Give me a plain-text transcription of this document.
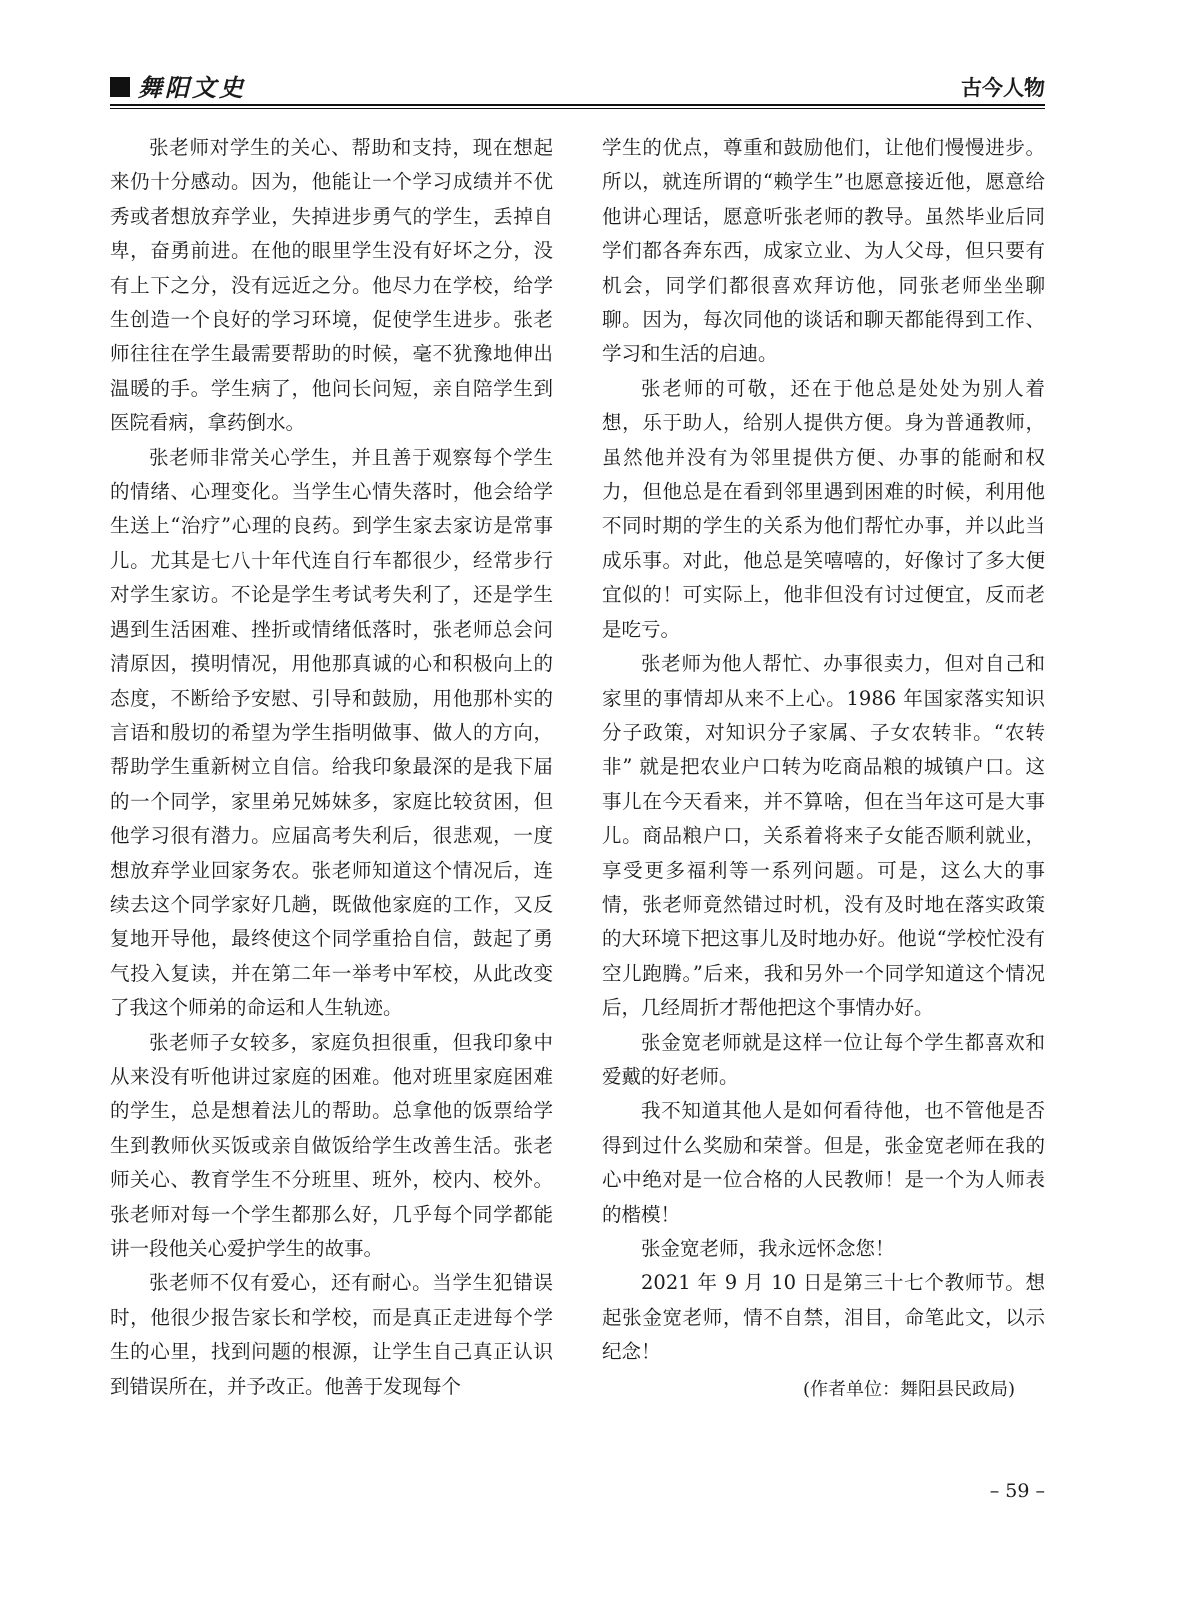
舞阳文史	古今人物

张老师对学生的关心、帮助和支持，现在想起来仍十分感动。因为，他能让一个学习成绩并不优秀或者想放弃学业，失掉进步勇气的学生，丢掉自卑，奋勇前进。在他的眼里学生没有好坏之分，没有上下之分，没有远近之分。他尽力在学校，给学生创造一个良好的学习环境，促使学生进步。张老师往往在学生最需要帮助的时候，毫不犹豫地伸出温暖的手。学生病了，他问长问短，亲自陪学生到医院看病，拿药倒水。

张老师非常关心学生，并且善于观察每个学生的情绪、心理变化。当学生心情失落时，他会给学生送上“治疗”心理的良药。到学生家去家访是常事儿。尤其是七八十年代连自行车都很少，经常步行对学生家访。不论是学生考试考失利了，还是学生遇到生活困难、挫折或情绪低落时，张老师总会问清原因，摸明情况，用他那真诚的心和积极向上的态度，不断给予安慰、引导和鼓励，用他那朴实的言语和殷切的希望为学生指明做事、做人的方向，帮助学生重新树立自信。给我印象最深的是我下届的一个同学，家里弟兄姊妹多，家庭比较贫困，但他学习很有潜力。应届高考失利后，很悲观，一度想放弃学业回家务农。张老师知道这个情况后，连续去这个同学家好几趟，既做他家庭的工作，又反复地开导他，最终使这个同学重拾自信，鼓起了勇气投入复读，并在第二年一举考中军校，从此改变了我这个师弟的命运和人生轨迹。

张老师子女较多，家庭负担很重，但我印象中从来没有听他讲过家庭的困难。他对班里家庭困难的学生，总是想着法儿的帮助。总拿他的饭票给学生到教师伙买饭或亲自做饭给学生改善生活。张老师关心、教育学生不分班里、班外，校内、校外。张老师对每一个学生都那么好，几乎每个同学都能讲一段他关心爱护学生的故事。

张老师不仅有爱心，还有耐心。当学生犯错误时，他很少报告家长和学校，而是真正走进每个学生的心里，找到问题的根源，让学生自己真正认识到错误所在，并予改正。他善于发现每个

学生的优点，尊重和鼓励他们，让他们慢慢进步。所以，就连所谓的“赖学生”也愿意接近他，愿意给他讲心理话，愿意听张老师的教导。虽然毕业后同学们都各奔东西，成家立业、为人父母，但只要有机会，同学们都很喜欢拜访他，同张老师坐坐聊聊。因为，每次同他的谈话和聊天都能得到工作、学习和生活的启迪。

张老师的可敬，还在于他总是处处为别人着想，乐于助人，给别人提供方便。身为普通教师，虽然他并没有为邻里提供方便、办事的能耐和权力，但他总是在看到邻里遇到困难的时候，利用他不同时期的学生的关系为他们帮忙办事，并以此当成乐事。对此，他总是笑嘻嘻的，好像讨了多大便宜似的！可实际上，他非但没有讨过便宜，反而老是吃亏。

张老师为他人帮忙、办事很卖力，但对自己和家里的事情却从来不上心。1986 年国家落实知识分子政策，对知识分子家属、子女农转非。“农转非” 就是把农业户口转为吃商品粮的城镇户口。这事儿在今天看来，并不算啥，但在当年这可是大事儿。商品粮户口，关系着将来子女能否顺利就业，享受更多福利等一系列问题。可是，这么大的事情，张老师竟然错过时机，没有及时地在落实政策的大环境下把这事儿及时地办好。他说“学校忙没有空儿跑腾。”后来，我和另外一个同学知道这个情况后，几经周折才帮他把这个事情办好。

张金宽老师就是这样一位让每个学生都喜欢和爱戴的好老师。

我不知道其他人是如何看待他，也不管他是否得到过什么奖励和荣誉。但是，张金宽老师在我的心中绝对是一位合格的人民教师！是一个为人师表的楷模！

张金宽老师，我永远怀念您！

2021 年 9 月 10 日是第三十七个教师节。想起张金宽老师，情不自禁，泪目，命笔此文，以示纪念！

(作者单位：舞阳县民政局)
– 59 –
